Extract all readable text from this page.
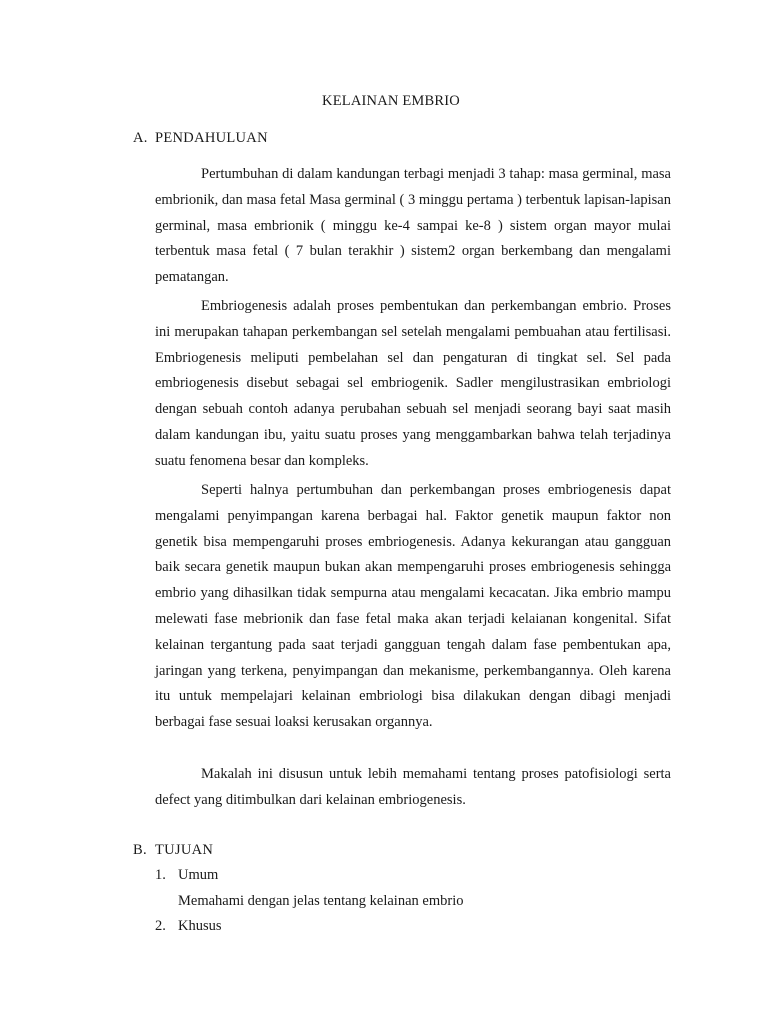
KELAINAN EMBRIO
A. PENDAHULUAN

Pertumbuhan di dalam kandungan terbagi menjadi 3 tahap: masa germinal, masa embrionik, dan masa fetal Masa germinal ( 3 minggu pertama ) terbentuk lapisan-lapisan germinal, masa embrionik ( minggu ke-4 sampai ke-8 ) sistem organ mayor mulai terbentuk masa fetal ( 7 bulan terakhir ) sistem2 organ berkembang dan mengalami pematangan.

Embriogenesis adalah proses pembentukan dan perkembangan embrio. Proses ini merupakan tahapan perkembangan sel setelah mengalami pembuahan atau fertilisasi. Embriogenesis meliputi pembelahan sel dan pengaturan di tingkat sel. Sel pada embriogenesis disebut sebagai sel embriogenik. Sadler mengilustrasikan embriologi dengan sebuah contoh adanya perubahan sebuah sel menjadi seorang bayi saat masih dalam kandungan ibu, yaitu suatu proses yang menggambarkan bahwa telah terjadinya suatu fenomena besar dan kompleks.

Seperti halnya pertumbuhan dan perkembangan proses embriogenesis dapat mengalami penyimpangan karena berbagai hal. Faktor genetik maupun faktor non genetik bisa mempengaruhi proses embriogenesis. Adanya kekurangan atau gangguan baik secara genetik maupun bukan akan mempengaruhi proses embriogenesis sehingga embrio yang dihasilkan tidak sempurna atau mengalami kecacatan. Jika embrio mampu melewati fase mebrionik dan fase fetal maka akan terjadi kelaianan kongenital. Sifat kelainan tergantung pada saat terjadi gangguan tengah dalam fase pembentukan apa, jaringan yang terkena, penyimpangan dan mekanisme, perkembangannya. Oleh karena itu untuk mempelajari kelainan embriologi bisa dilakukan dengan dibagi menjadi berbagai fase sesuai loaksi kerusakan organnya.

Makalah ini disusun untuk lebih memahami tentang proses patofisiologi serta defect yang ditimbulkan dari kelainan embriogenesis.

B. TUJUAN
1. Umum
Memahami dengan jelas tentang kelainan embrio
2. Khusus
